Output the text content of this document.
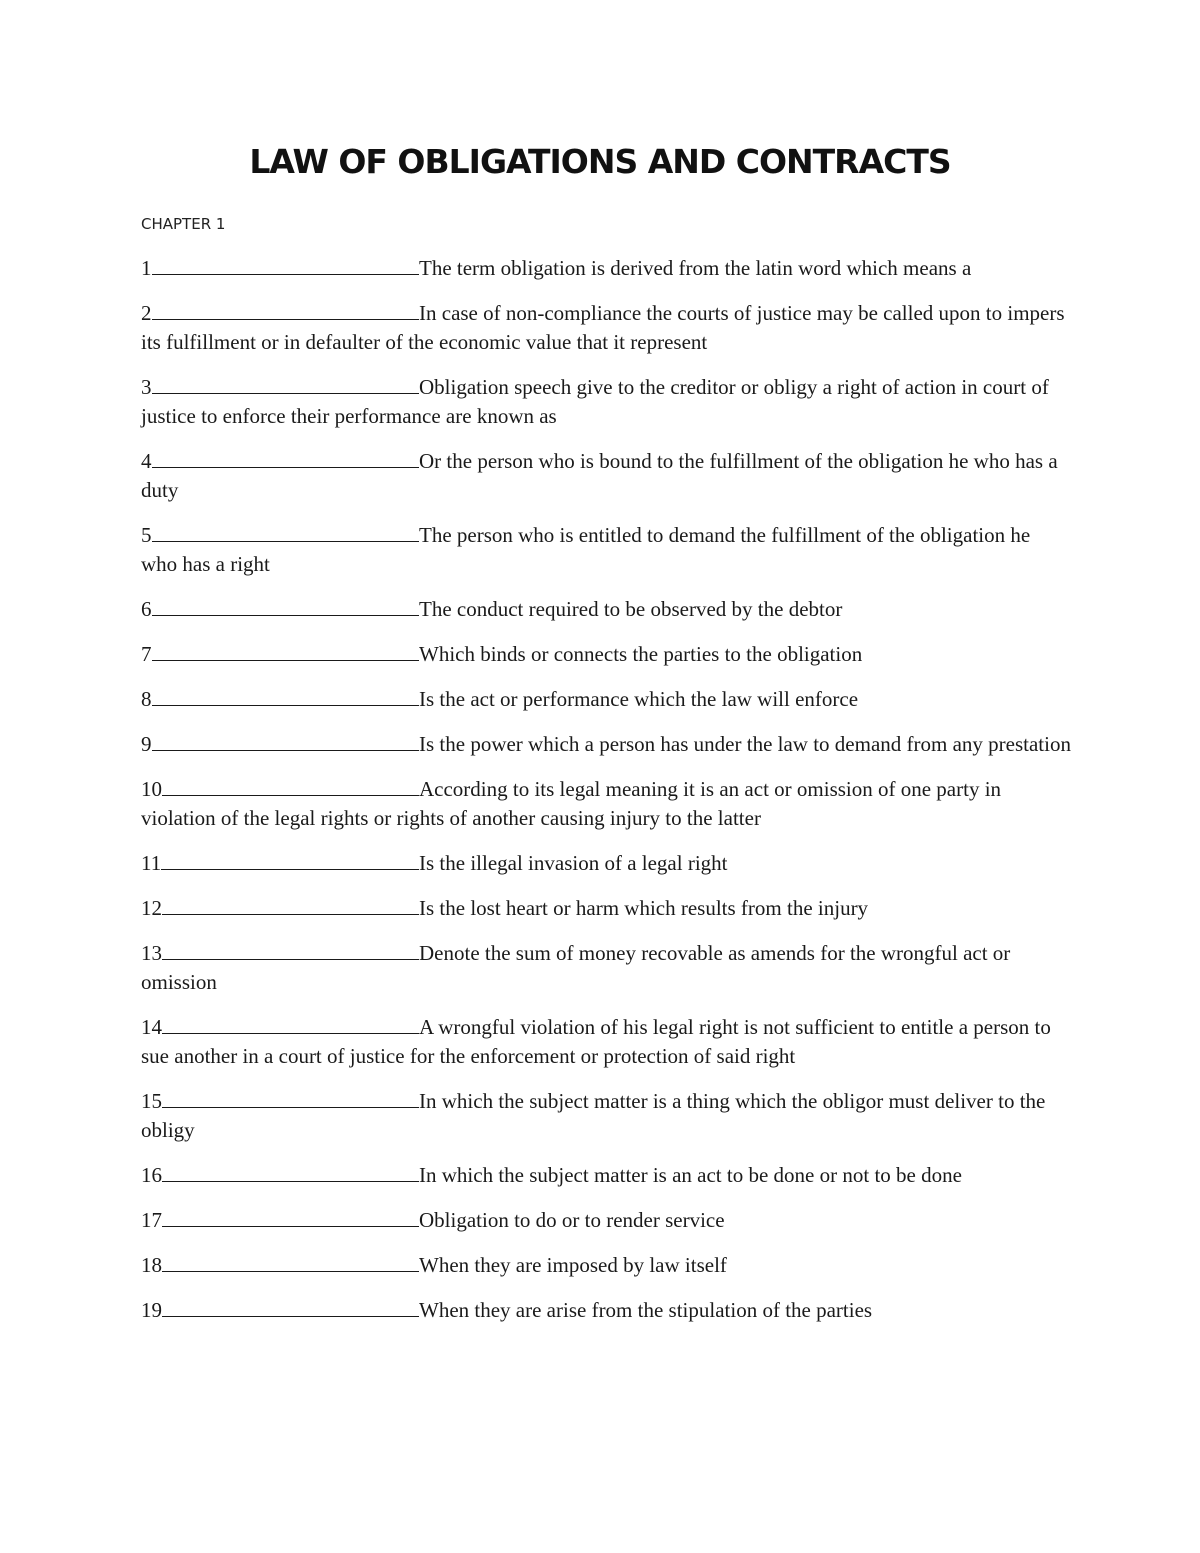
LAW OF OBLIGATIONS AND CONTRACTS
CHAPTER 1

1	The term obligation is derived from the latin word which means a

2	In case of non-compliance the courts of justice may be called upon to impers its fulfillment or in defaulter of the economic value that it represent

3	Obligation speech give to the creditor or obligy a right of action in court of justice to enforce their performance are known as

4	Or the person who is bound to the fulfillment of the obligation he who has a duty

5	The person who is entitled to demand the fulfillment of the obligation he who has a right

6	The conduct required to be observed by the debtor

7	Which binds or connects the parties to the obligation

8	Is the act or performance which the law will enforce

9	Is the power which a person has under the law to demand from any prestation

10	According to its legal meaning it is an act or omission of one party in violation of the legal rights or rights of another causing injury to the latter

11	Is the illegal invasion of a legal right

12	Is the lost heart or harm which results from the injury

13	Denote the sum of money recovable as amends for the wrongful act or omission

14	A wrongful violation of his legal right is not sufficient to entitle a person to sue another in a court of justice for the enforcement or protection of said right

15	In which the subject matter is a thing which the obligor must deliver to the obligy

16	In which the subject matter is an act to be done or not to be done

17	Obligation to do or to render service

18	When they are imposed by law itself

19	When they are arise from the stipulation of the parties
